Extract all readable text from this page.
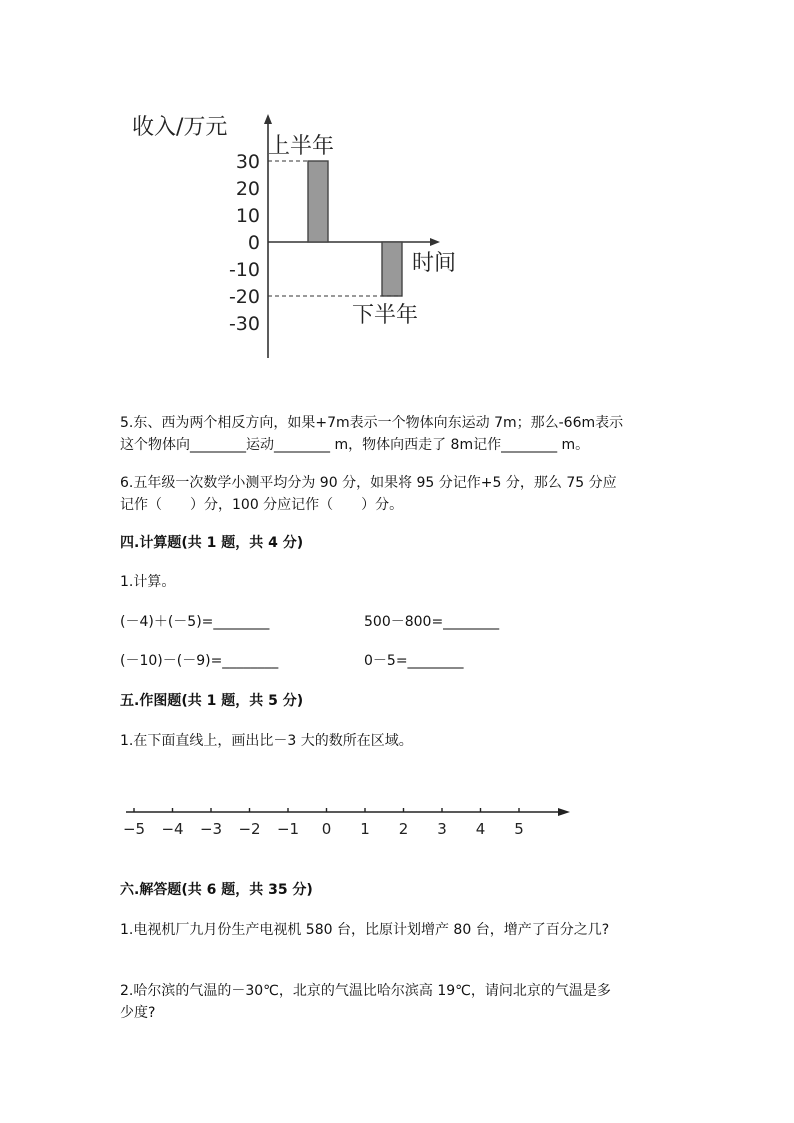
收入/万元
时间
30
20
10
0
-10
-20
-30
上半年
下半年
5.东、西为两个相反方向，如果+7m表示一个物体向东运动 7m；那么-66m表示
这个物体向________运动________ m，物体向西走了 8m记作________ m。
6.五年级一次数学小测平均分为 90 分，如果将 95 分记作+5 分，那么 75 分应
记作（　　）分，100 分应记作（　　）分。
四.计算题(共 1 题，共 4 分)
1.计算。
(－4)＋(－5)=________	500－800=________
(－10)－(－9)=________	0－5=________
五.作图题(共 1 题，共 5 分)
1.在下面直线上，画出比－3 大的数所在区域。
−5 −4 −3 −2 −1 0 1 2 3 4 5
六.解答题(共 6 题，共 35 分)
1.电视机厂九月份生产电视机 580 台，比原计划增产 80 台，增产了百分之几?
2.哈尔滨的气温的－30℃，北京的气温比哈尔滨高 19℃，请问北京的气温是多
少度?
